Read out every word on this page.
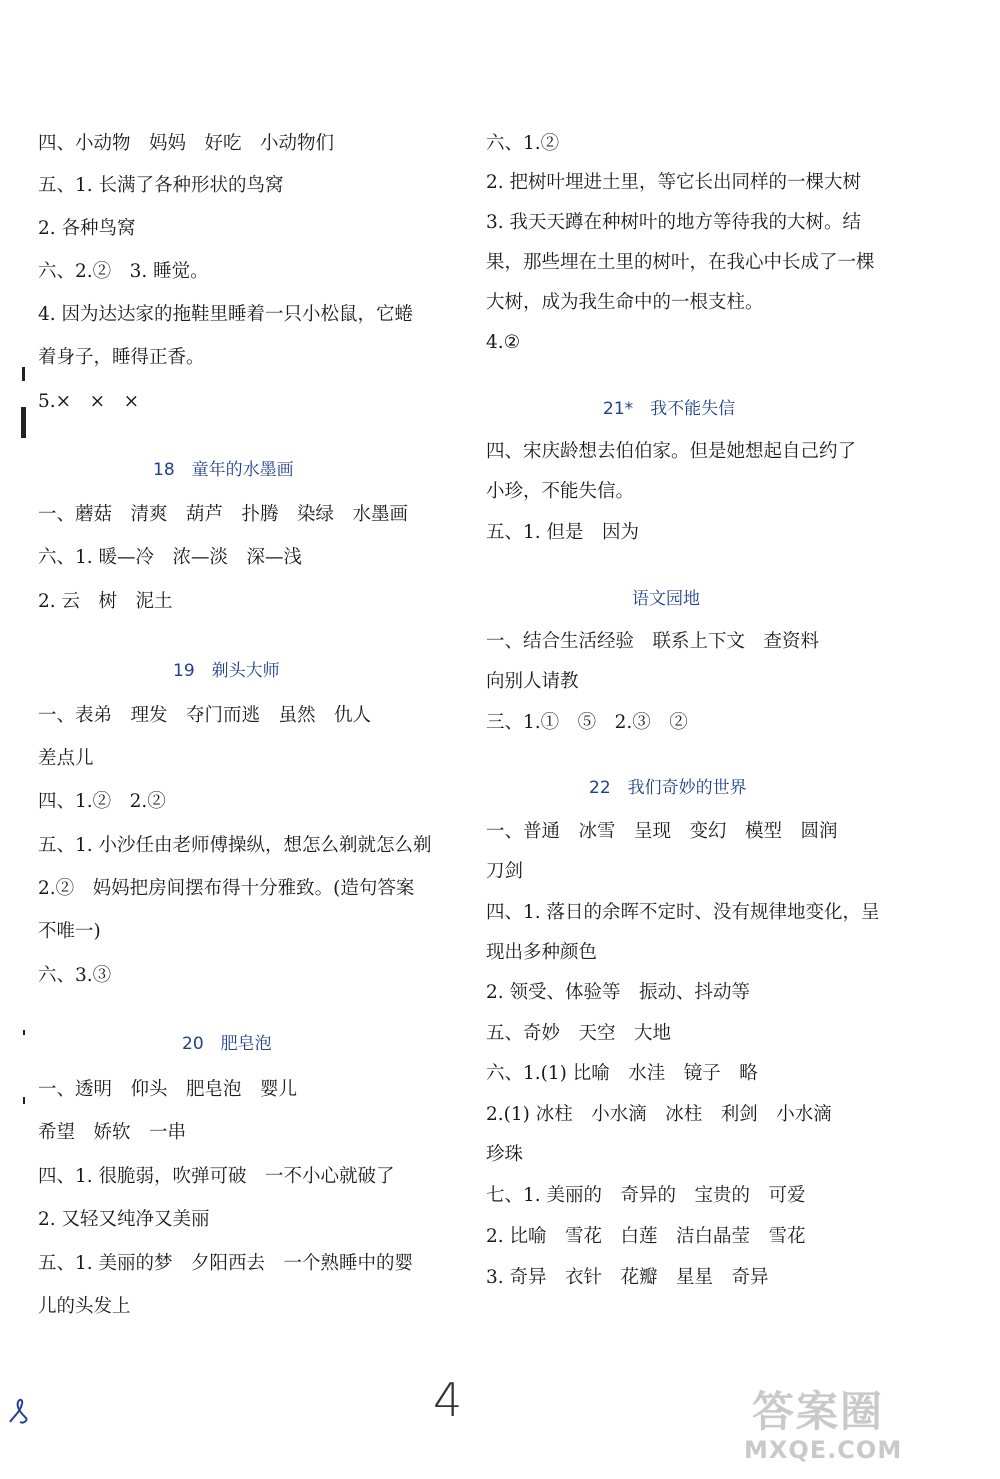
四、小动物　妈妈　好吃　小动物们
五、1. 长满了各种形状的鸟窝
2. 各种鸟窝
六、2.②　3. 睡觉。
4. 因为达达家的拖鞋里睡着一只小松鼠，它蜷
着身子，睡得正香。
5.×　×　×
18　童年的水墨画
一、蘑菇　清爽　葫芦　扑腾　染绿　水墨画
六、1. 暖—冷　浓—淡　深—浅
2. 云　树　泥土
19　剃头大师
一、表弟　理发　夺门而逃　虽然　仇人
差点儿
四、1.②　2.②
五、1. 小沙任由老师傅操纵，想怎么剃就怎么剃
2.②　妈妈把房间摆布得十分雅致。(造句答案
不唯一)
六、3.③
20　肥皂泡
一、透明　仰头　肥皂泡　婴儿
希望　娇软　一串
四、1. 很脆弱，吹弹可破　一不小心就破了
2. 又轻又纯净又美丽
五、1. 美丽的梦　夕阳西去　一个熟睡中的婴
儿的头发上
六、1.②
2. 把树叶埋进土里，等它长出同样的一棵大树
3. 我天天蹲在种树叶的地方等待我的大树。结
果，那些埋在土里的树叶，在我心中长成了一棵
大树，成为我生命中的一根支柱。
4.②
21*　我不能失信
四、宋庆龄想去伯伯家。但是她想起自己约了
小珍，不能失信。
五、1. 但是　因为
语文园地
一、结合生活经验　联系上下文　查资料
向别人请教
三、1.①　⑤　2.③　②
22　我们奇妙的世界
一、普通　冰雪　呈现　变幻　模型　圆润
刀剑
四、1. 落日的余晖不定时、没有规律地变化，呈
现出多种颜色
2. 领受、体验等　振动、抖动等
五、奇妙　天空　大地
六、1.(1) 比喻　水洼　镜子　略
2.(1) 冰柱　小水滴　冰柱　利剑　小水滴
珍珠
七、1. 美丽的　奇异的　宝贵的　可爱
2. 比喻　雪花　白莲　洁白晶莹　雪花
3. 奇异　衣针　花瓣　星星　奇异
4	答案圈
MXQE.COM
